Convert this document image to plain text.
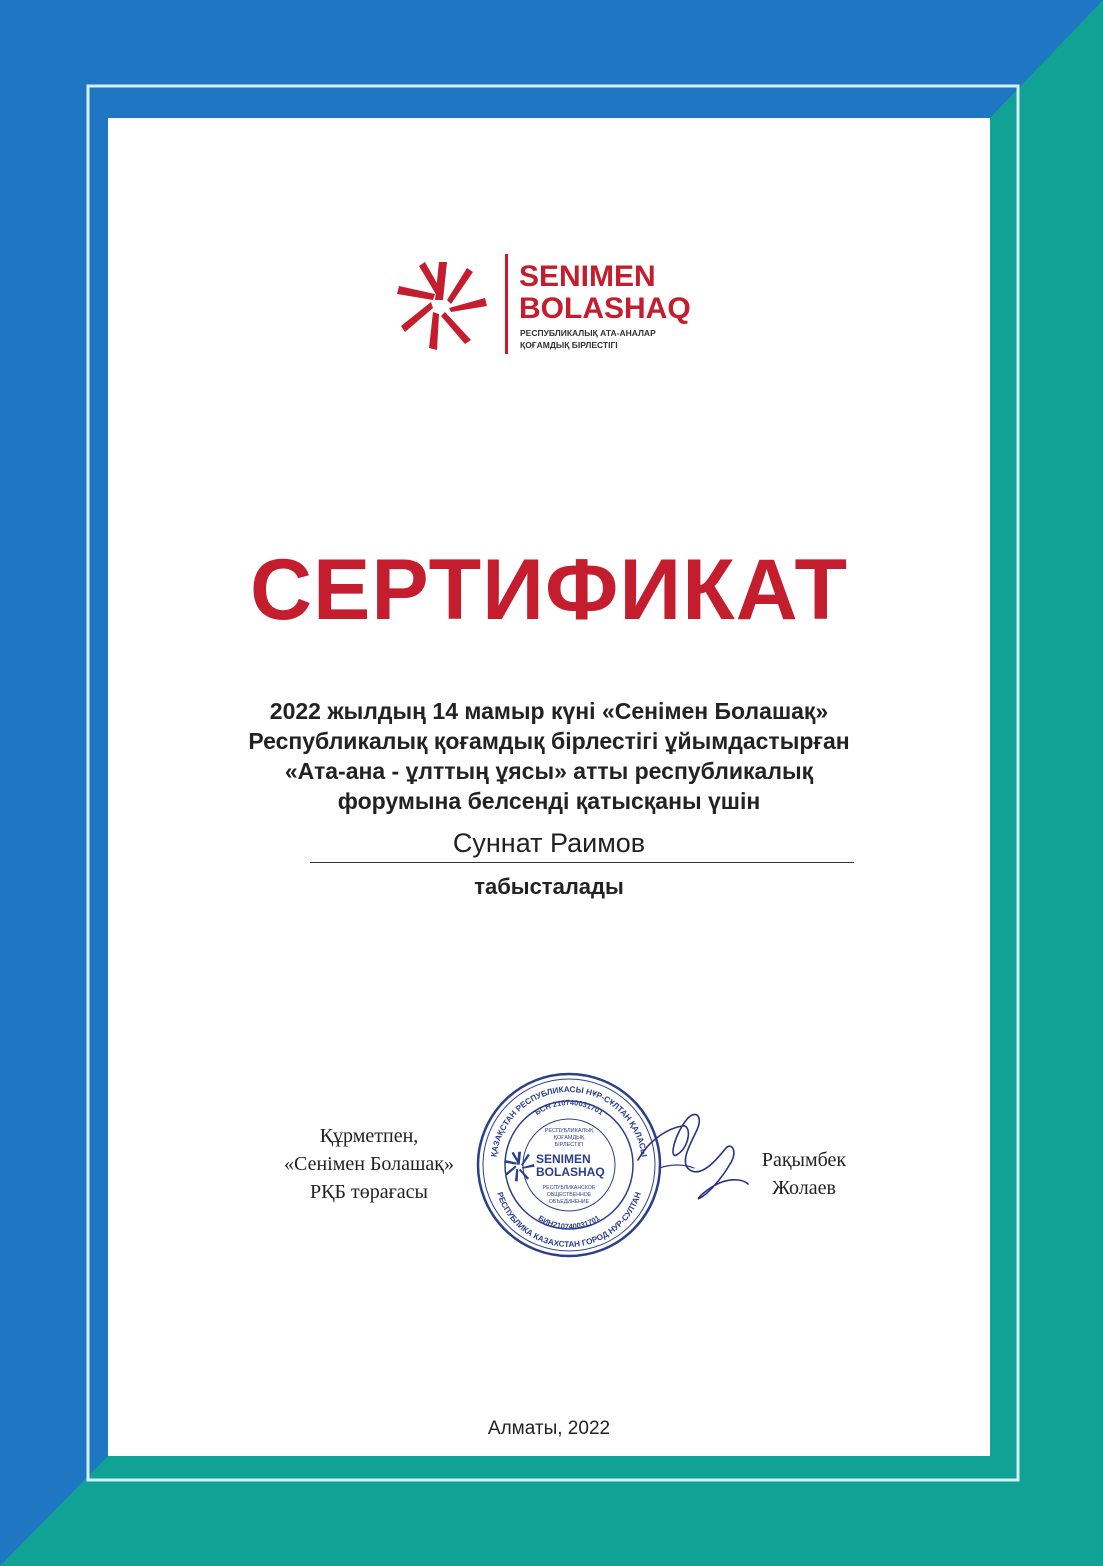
SENIMEN
BOLASHAQ
РЕСПУБЛИКАЛЫҚ АТА-АНАЛАР
ҚОҒАМДЫҚ БІРЛЕСТІГІ
СЕРТИФИКАТ
2022 жылдың 14 мамыр күні «Сенімен Болашақ»
Республикалық қоғамдық бірлестігі ұйымдастырған
«Ата-ана - ұлттың ұясы» атты республикалық
форумына белсенді қатысқаны үшін
Суннат Раимов
табысталады
Құрметпен,
«Сенімен Болашақ»
РҚБ төрағасы
ҚАЗАҚСТАН РЕСПУБЛИКАСЫ НҰР-СҰЛТАН ҚАЛАСЫ
РЕСПУБЛИКА КАЗАХСТАН ГОРОД НУР-СУЛТАН
БСН 210740031701
БИН210740031701
РЕСПУБЛИКАЛЫҚ
ҚОҒАМДЫҚ
БІРЛЕСТІГІ
SENIMEN
BOLASHAQ
РЕСПУБЛИКАНСКОЕ
ОБЩЕСТВЕННОЕ
ОБЪЕДИНЕНИЕ
Рақымбек
Жолаев
Алматы, 2022
